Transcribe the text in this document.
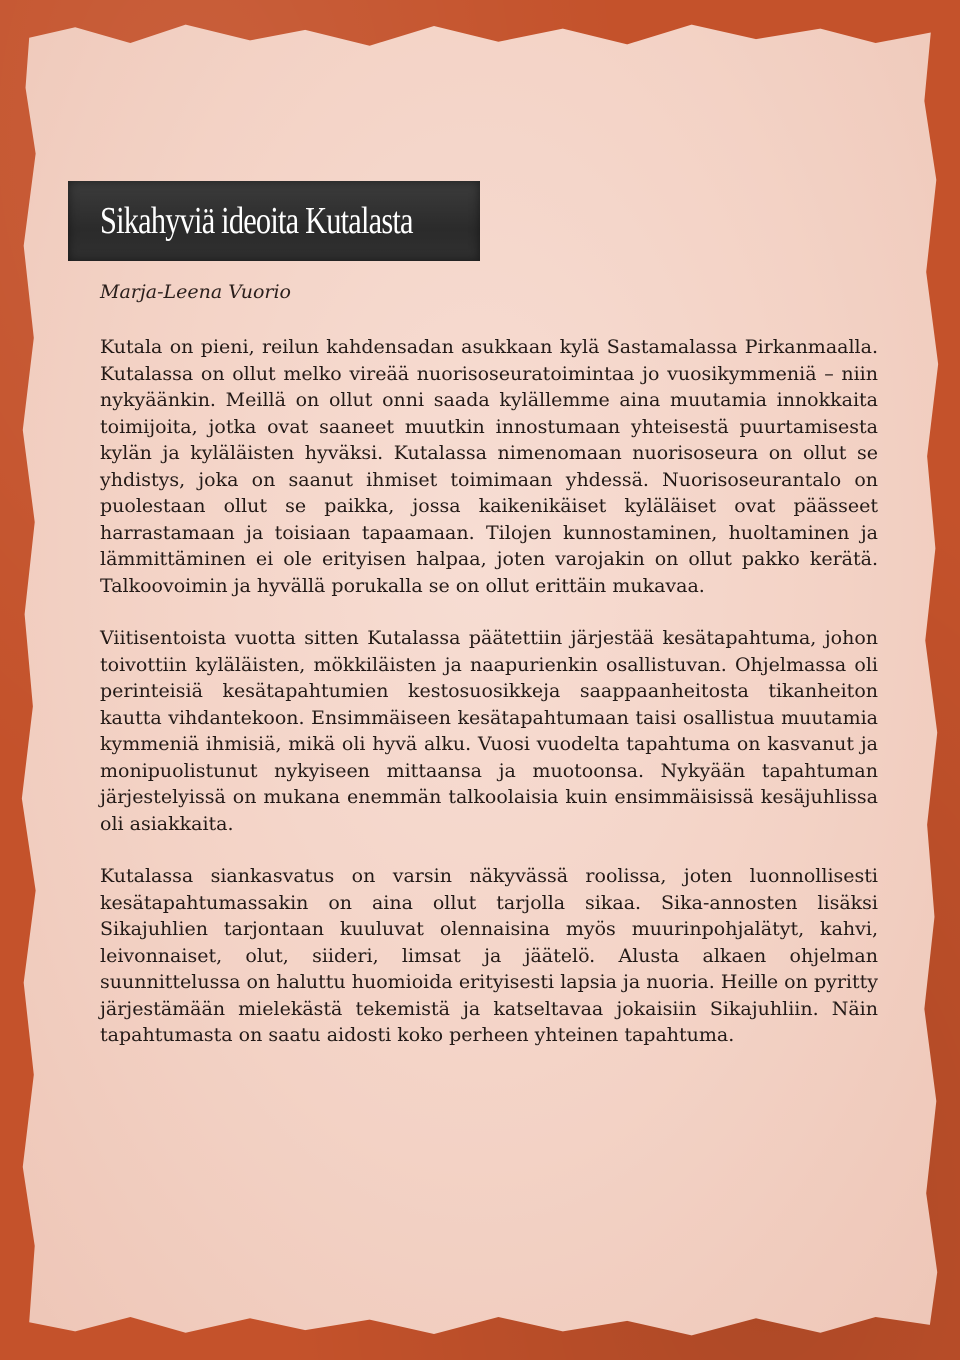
Sikahyviä ideoita Kutalasta
Marja-Leena Vuorio

Kutala on pieni, reilun kahdensadan asukkaan kylä Sastamalassa Pirkanmaalla. Kutalassa on ollut melko vireää nuorisoseuratoimintaa jo vuosikymmeniä – niin nykyäänkin. Meillä on ollut onni saada kylällemme aina muutamia innokkaita toimijoita, jotka ovat saaneet muutkin innostumaan yhteisestä puurtamisesta kylän ja kyläläisten hyväksi. Kutalassa nimenomaan nuorisoseura on ollut se yhdistys, joka on saanut ihmiset toimimaan yhdessä. Nuorisoseurantalo on puolestaan ollut se paikka, jossa kaikenikäiset kyläläiset ovat päässeet harrastamaan ja toisiaan tapaamaan. Tilojen kunnostaminen, huoltaminen ja lämmittäminen ei ole erityisen halpaa, joten varojakin on ollut pakko kerätä. Talkoovoimin ja hyvällä porukalla se on ollut erittäin mukavaa.

Viitisentoista vuotta sitten Kutalassa päätettiin järjestää kesätapahtuma, johon toivottiin kyläläisten, mökkiläisten ja naapurienkin osallistuvan. Ohjelmassa oli perinteisiä kesätapahtumien kestosuosikkeja saappaanheitosta tikanheiton kautta vihdantekoon. Ensimmäiseen kesätapahtumaan taisi osallistua muutamia kymmeniä ihmisiä, mikä oli hyvä alku. Vuosi vuodelta tapahtuma on kasvanut ja monipuolistunut nykyiseen mittaansa ja muotoonsa. Nykyään tapahtuman järjestelyissä on mukana enemmän talkoolaisia kuin ensimmäisissä kesäjuhlissa oli asiakkaita.

Kutalassa siankasvatus on varsin näkyvässä roolissa, joten luonnollisesti kesätapahtumassakin on aina ollut tarjolla sikaa. Sika-annosten lisäksi Sikajuhlien tarjontaan kuuluvat olennaisina myös muurinpohjalätyt, kahvi, leivonnaiset, olut, siideri, limsat ja jäätelö. Alusta alkaen ohjelman suunnittelussa on haluttu huomioida erityisesti lapsia ja nuoria. Heille on pyritty järjestämään mielekästä tekemistä ja katseltavaa jokaisiin Sikajuhliin. Näin tapahtumasta on saatu aidosti koko perheen yhteinen tapahtuma.
